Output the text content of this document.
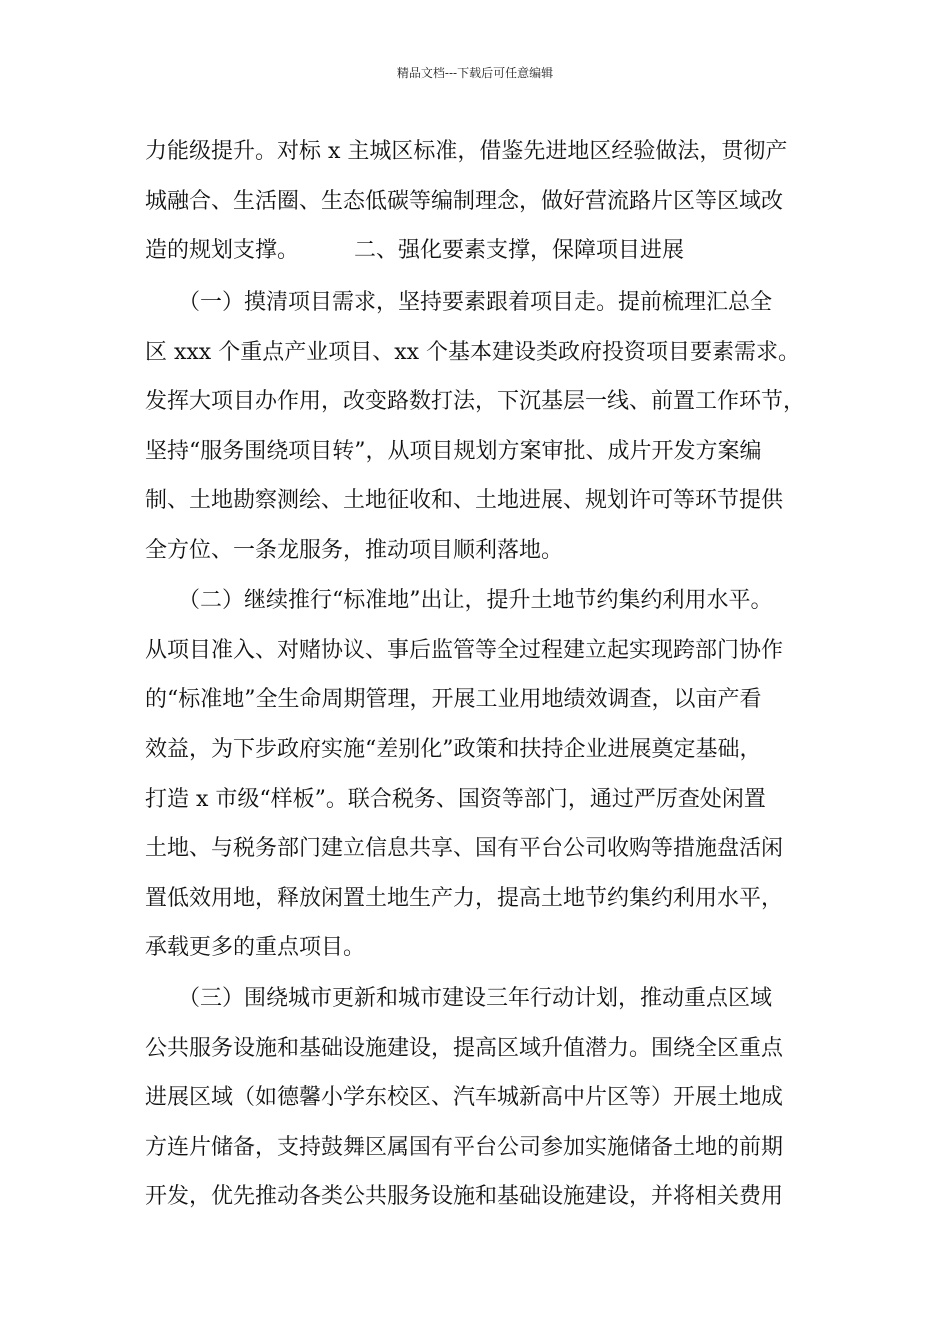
精品文档---下载后可任意编辑
力能级提升。对标 x 主城区标准，借鉴先进地区经验做法，贯彻产
城融合、生活圈、生态低碳等编制理念，做好营流路片区等区域改
造的规划支撑。　　　二、强化要素支撑，保障项目进展
　　（一）摸清项目需求，坚持要素跟着项目走。提前梳理汇总全
区 xxx 个重点产业项目、xx 个基本建设类政府投资项目要素需求。
发挥大项目办作用，改变路数打法，下沉基层一线、前置工作环节，
坚持“服务围绕项目转”，从项目规划方案审批、成片开发方案编
制、土地勘察测绘、土地征收和、土地进展、规划许可等环节提供
全方位、一条龙服务，推动项目顺利落地。
　　（二）继续推行“标准地”出让，提升土地节约集约利用水平。
从项目准入、对赌协议、事后监管等全过程建立起实现跨部门协作
的“标准地”全生命周期管理，开展工业用地绩效调查，以亩产看
效益，为下步政府实施“差别化”政策和扶持企业进展奠定基础，
打造 x 市级“样板”。联合税务、国资等部门，通过严厉查处闲置
土地、与税务部门建立信息共享、国有平台公司收购等措施盘活闲
置低效用地，释放闲置土地生产力，提高土地节约集约利用水平，
承载更多的重点项目。
　　（三）围绕城市更新和城市建设三年行动计划，推动重点区域
公共服务设施和基础设施建设，提高区域升值潜力。围绕全区重点
进展区域（如德馨小学东校区、汽车城新高中片区等）开展土地成
方连片储备，支持鼓舞区属国有平台公司参加实施储备土地的前期
开发，优先推动各类公共服务设施和基础设施建设，并将相关费用
